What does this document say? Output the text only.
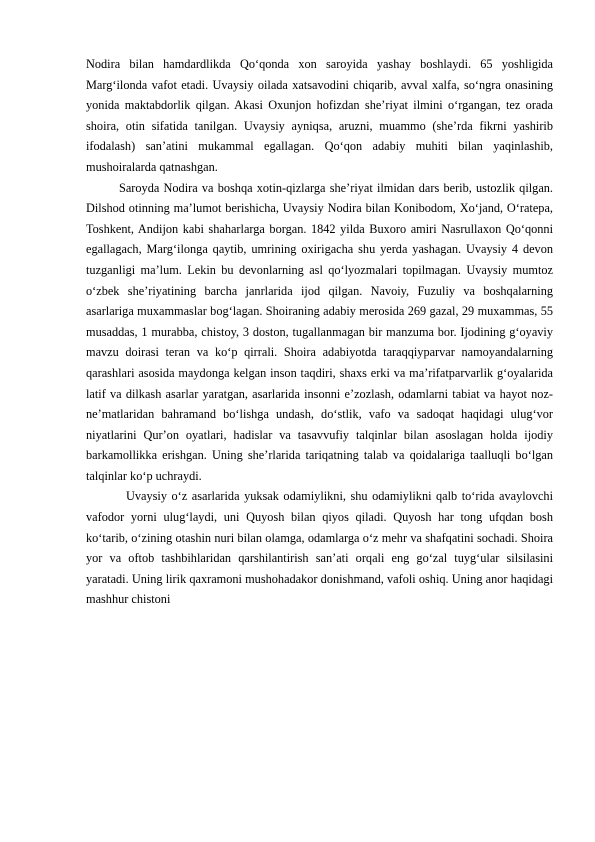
Nodira bilan hamdardlikda Qoʻqonda xon saroyida yashay boshlaydi. 65 yoshligida Margʻilonda vafot etadi. Uvaysiy oilada xatsavodini chiqarib, avval xalfa, soʻngra onasining yonida maktabdorlik qilgan. Akasi Oxunjon hofizdan sheʼriyat ilmini oʻrgangan, tez orada shoira, otin sifatida tanilgan. Uvaysiy ayniqsa, aruzni, muammo (sheʼrda fikrni yashirib ifodalash) sanʼatini mukammal egallagan. Qoʻqon adabiy muhiti bilan yaqinlashib, mushoiralarda qatnashgan.

Saroyda Nodira va boshqa xotin-qizlarga sheʼriyat ilmidan dars berib, ustozlik qilgan. Dilshod otinning maʼlumot berishicha, Uvaysiy Nodira bilan Konibodom, Xoʻjand, Oʻratepa, Toshkent, Andijon kabi shaharlarga borgan. 1842 yilda Buxoro amiri Nasrullaxon Qoʻqonni egallagach, Margʻilonga qaytib, umrining oxirigacha shu yerda yashagan. Uvaysiy 4 devon tuzganligi maʼlum. Lekin bu devonlarning asl qoʻlyozmalari topilmagan. Uvaysiy mumtoz oʻzbek sheʼriyatining barcha janrlarida ijod qilgan. Navoiy, Fuzuliy va boshqalarning asarlariga muxammaslar bogʻlagan. Shoiraning adabiy merosida 269 gazal, 29 muxammas, 55 musaddas, 1 murabba, chistoy, 3 doston, tugallanmagan bir manzuma bor. Ijodining gʻoyaviy mavzu doirasi teran va koʻp qirrali. Shoira adabiyotda taraqqiyparvar namoyandalarning qarashlari asosida maydonga kelgan inson taqdiri, shaxs erki va maʼrifatparvarlik gʻoyalarida latif va dilkash asarlar yaratgan, asarlarida insonni eʼzozlash, odamlarni tabiat va hayot noz-neʼmatlaridan bahramand boʻlishga undash, doʻstlik, vafo va sadoqat haqidagi ulugʻvor niyatlarini Qurʼon oyatlari, hadislar va tasavvufiy talqinlar bilan asoslagan holda ijodiy barkamollikka erishgan. Uning sheʼrlarida tariqatning talab va qoidalariga taalluqli boʻlgan talqinlar koʻp uchraydi.

Uvaysiy oʻz asarlarida yuksak odamiylikni, shu odamiylikni qalb toʻrida avaylovchi vafodor yorni ulugʻlaydi, uni Quyosh bilan qiyos qiladi. Quyosh har tong ufqdan bosh koʻtarib, oʻzining otashin nuri bilan olamga, odamlarga oʻz mehr va shafqatini sochadi. Shoira yor va oftob tashbihlaridan qarshilantirish sanʼati orqali eng goʻzal tuygʻular silsilasini yaratadi. Uning lirik qaxramoni mushohadakor donishmand, vafoli oshiq. Uning anor haqidagi mashhur chistoni
